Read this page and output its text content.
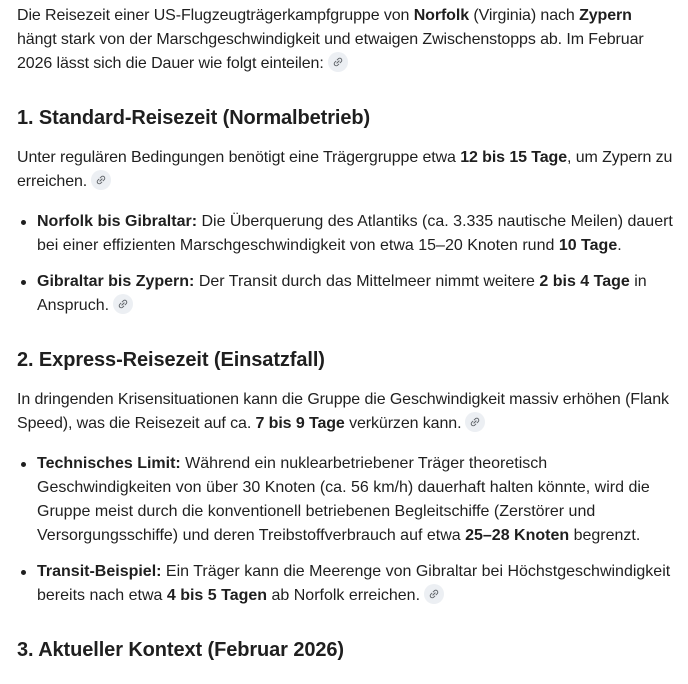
Die Reisezeit einer US-Flugzeugträgerkampfgruppe von Norfolk (Virginia) nach Zypern hängt stark von der Marschgeschwindigkeit und etwaigen Zwischenstopps ab. Im Februar 2026 lässt sich die Dauer wie folgt einteilen:

1. Standard-Reisezeit (Normalbetrieb)

Unter regulären Bedingungen benötigt eine Trägergruppe etwa 12 bis 15 Tage, um Zypern zu erreichen.

Norfolk bis Gibraltar: Die Überquerung des Atlantiks (ca. 3.335 nautische Meilen) dauert bei einer effizienten Marschgeschwindigkeit von etwa 15–20 Knoten rund 10 Tage.
Gibraltar bis Zypern: Der Transit durch das Mittelmeer nimmt weitere 2 bis 4 Tage in Anspruch.
2. Express-Reisezeit (Einsatzfall)

In dringenden Krisensituationen kann die Gruppe die Geschwindigkeit massiv erhöhen (Flank Speed), was die Reisezeit auf ca. 7 bis 9 Tage verkürzen kann.

Technisches Limit: Während ein nuklearbetriebener Träger theoretisch Geschwindigkeiten von über 30 Knoten (ca. 56 km/h) dauerhaft halten könnte, wird die Gruppe meist durch die konventionell betriebenen Begleitschiffe (Zerstörer und Versorgungsschiffe) und deren Treibstoffverbrauch auf etwa 25–28 Knoten begrenzt.
Transit-Beispiel: Ein Träger kann die Meerenge von Gibraltar bei Höchstgeschwindigkeit bereits nach etwa 4 bis 5 Tagen ab Norfolk erreichen.
3. Aktueller Kontext (Februar 2026)
